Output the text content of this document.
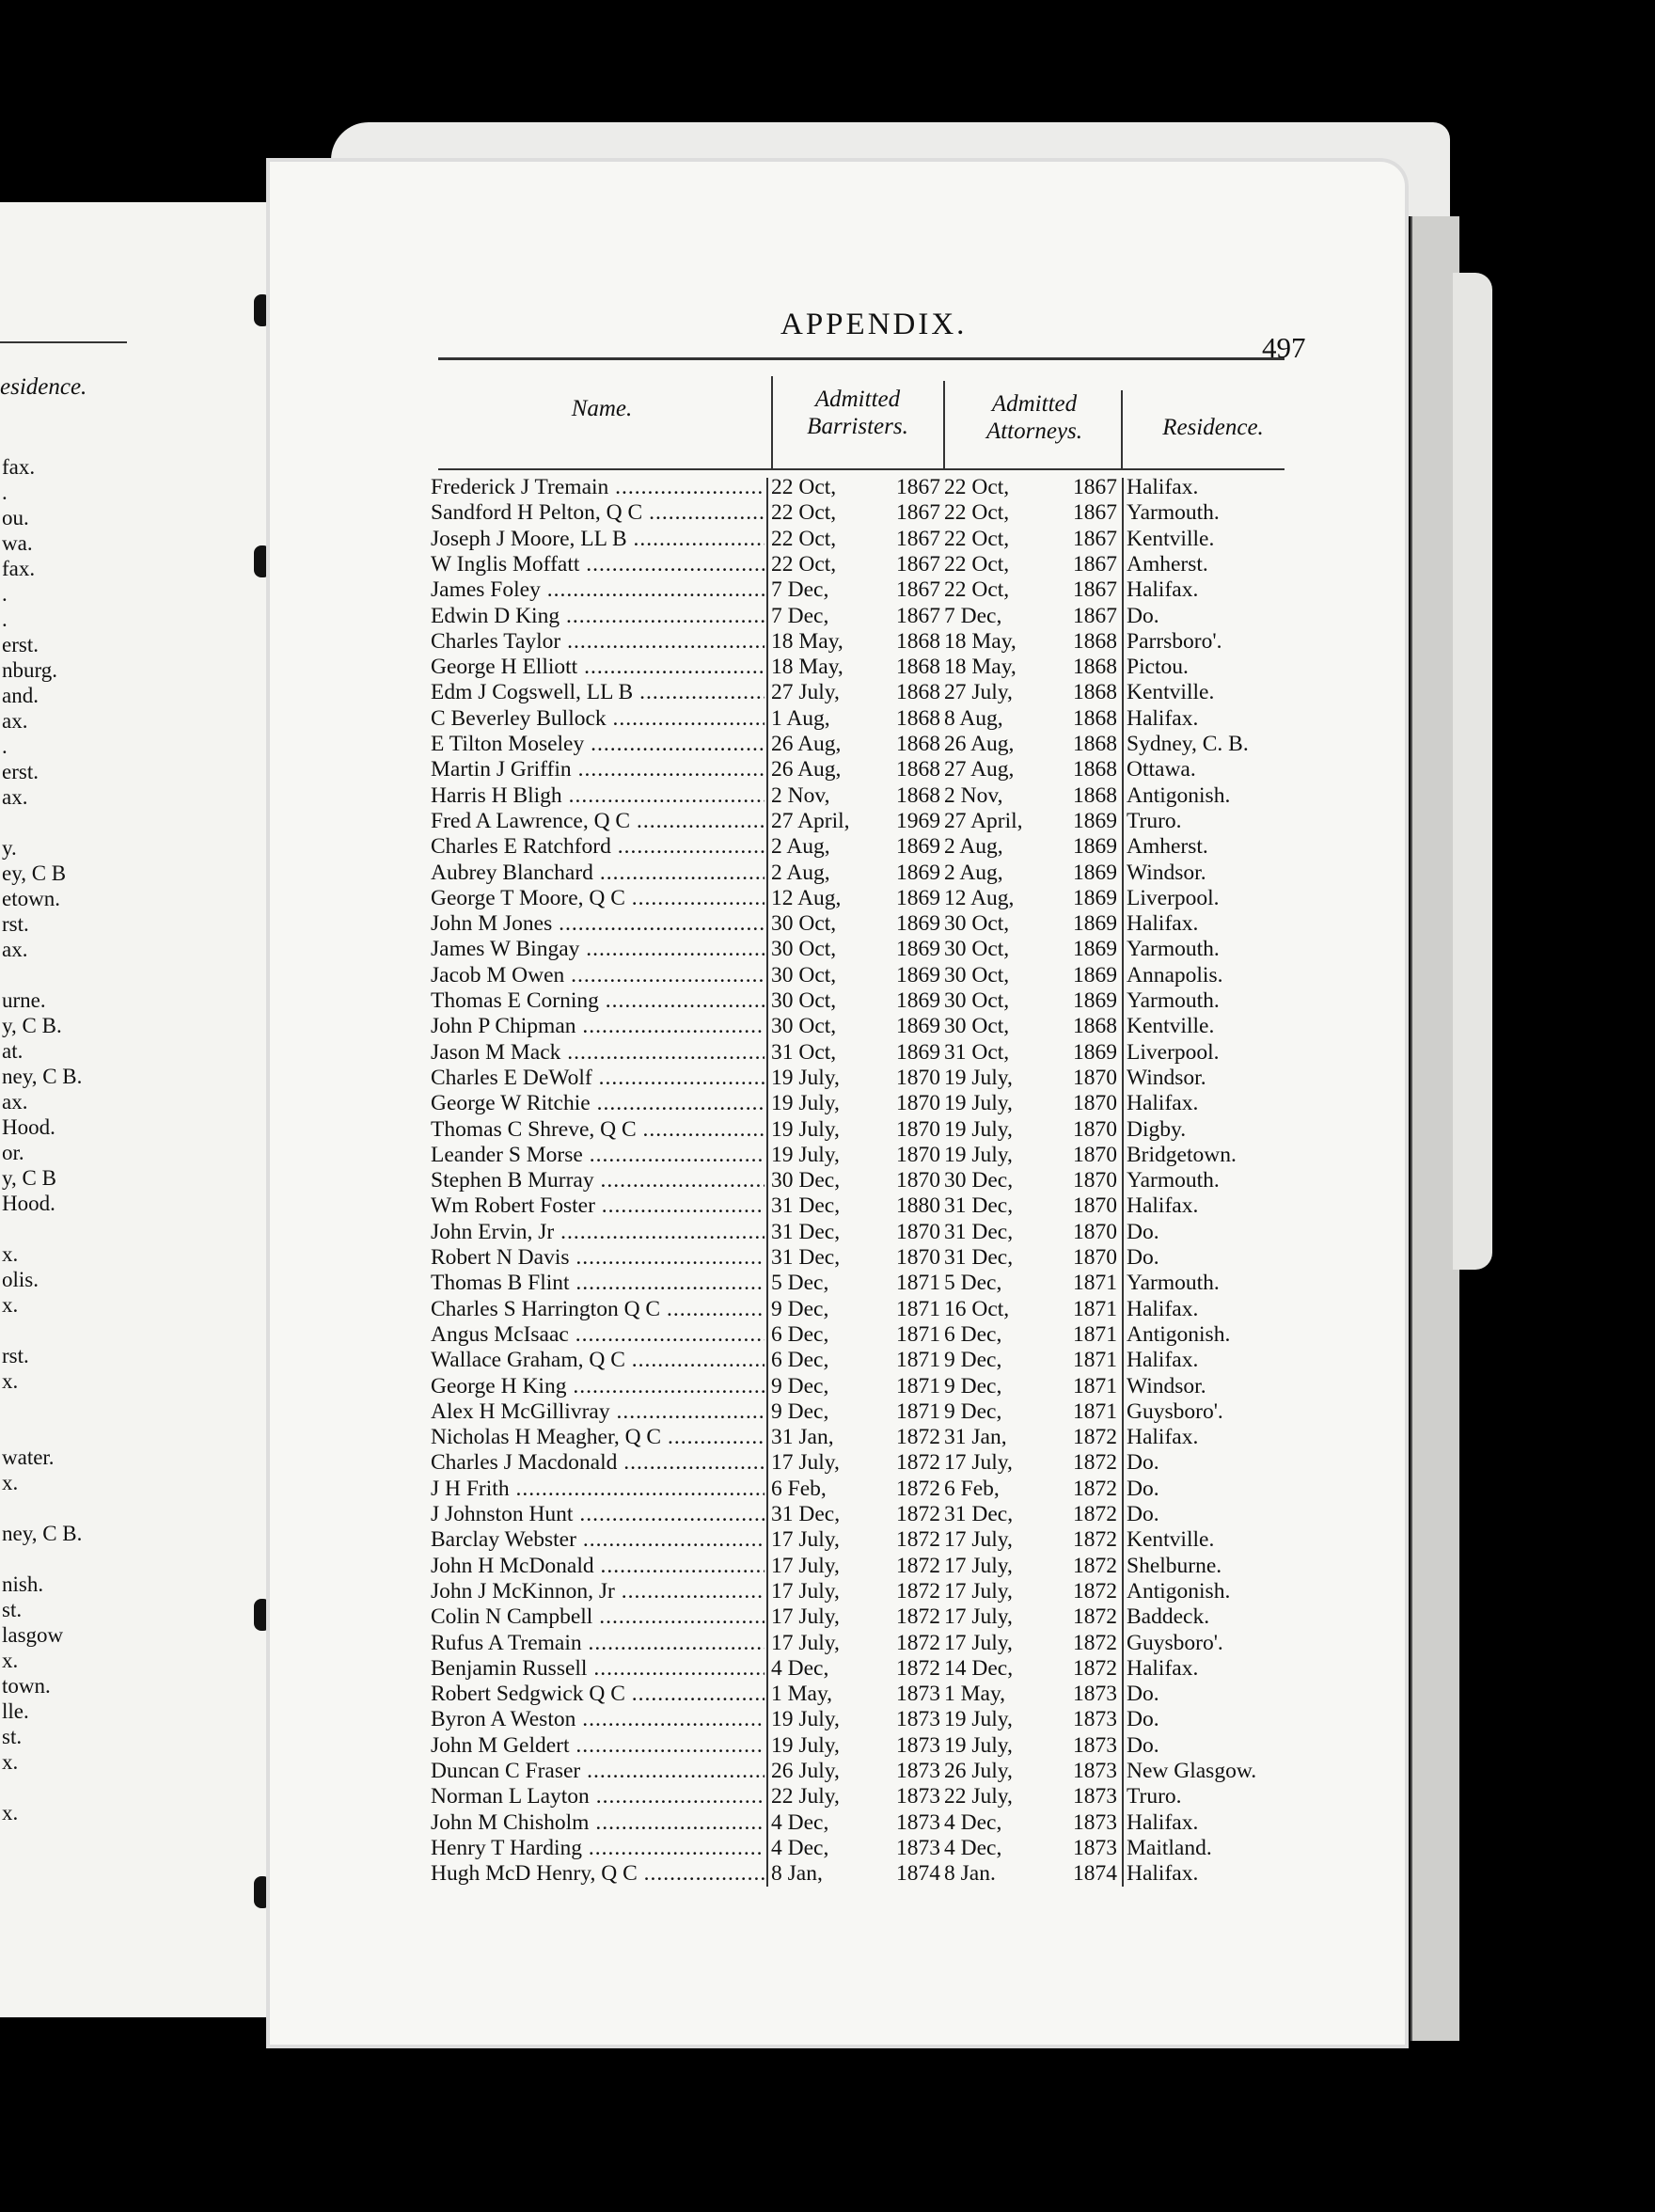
esidence.
fax.
.
ou.
wa.
fax.
.
.
erst.
nburg.
and.
ax.
.
erst.
ax.
y.
ey, C B
etown.
rst.
ax.
urne.
y, C B.
at.
ney, C B.
ax.
Hood.
or.
y, C B
Hood.
x.
olis.
x.
rst.
x.
water.
x.
ney, C B.
nish.
st.
lasgow
x.
town.
lle.
st.
x.
x.
APPENDIX.
497
Name.	Admitted
Barristers.
Admitted
Attorneys.	Residence.
Frederick J Tremain .....	22 Oct,	1867 22 Oct,	1867 Halifax.
Sandford H Pelton, Q C .....	22 Oct,	1867 22 Oct,	1867 Yarmouth.
Joseph J Moore, LL B .....	22 Oct,	1867 22 Oct,	1867 Kentville.
W Inglis Moffatt .....	22 Oct,	1867 22 Oct,	1867 Amherst.
James Foley .....	7 Dec,	1867 22 Oct,	1867 Halifax.
Edwin D King .....	7 Dec,	1867 7 Dec,	1867 Do.
Charles Taylor .....	18 May,	1868 18 May,	1868 Parrsboro'.
George H Elliott .....	18 May,	1868 18 May,	1868 Pictou.
Edm J Cogswell, LL B .....	27 July,	1868 27 July,	1868 Kentville.
C Beverley Bullock .....	1 Aug,	1868 8 Aug,	1868 Halifax.
E Tilton Moseley .....	26 Aug,	1868 26 Aug,	1868 Sydney, C. B.
Martin J Griffin .....	26 Aug,	1868 27 Aug,	1868 Ottawa.
Harris H Bligh .....	2 Nov,	1868 2 Nov,	1868 Antigonish.
Fred A Lawrence, Q C .....	27 April,	1969 27 April,	1869 Truro.
Charles E Ratchford .....	2 Aug,	1869 2 Aug,	1869 Amherst.
Aubrey Blanchard .....	2 Aug,	1869 2 Aug,	1869 Windsor.
George T Moore, Q C .....	12 Aug,	1869 12 Aug,	1869 Liverpool.
John M Jones .....	30 Oct,	1869 30 Oct,	1869 Halifax.
James W Bingay .....	30 Oct,	1869 30 Oct,	1869 Yarmouth.
Jacob M Owen .....	30 Oct,	1869 30 Oct,	1869 Annapolis.
Thomas E Corning .....	30 Oct,	1869 30 Oct,	1869 Yarmouth.
John P Chipman .....	30 Oct,	1869 30 Oct,	1868 Kentville.
Jason M Mack .....	31 Oct,	1869 31 Oct,	1869 Liverpool.
Charles E DeWolf .....	19 July,	1870 19 July,	1870 Windsor.
George W Ritchie .....	19 July,	1870 19 July,	1870 Halifax.
Thomas C Shreve, Q C .....	19 July,	1870 19 July,	1870 Digby.
Leander S Morse .....	19 July,	1870 19 July,	1870 Bridgetown.
Stephen B Murray .....	30 Dec,	1870 30 Dec,	1870 Yarmouth.
Wm Robert Foster .....	31 Dec,	1880 31 Dec,	1870 Halifax.
John Ervin, Jr .....	31 Dec,	1870 31 Dec,	1870 Do.
Robert N Davis .....	31 Dec,	1870 31 Dec,	1870 Do.
Thomas B Flint .....	5 Dec,	1871 5 Dec,	1871 Yarmouth.
Charles S Harrington Q C .....	9 Dec,	1871 16 Oct,	1871 Halifax.
Angus McIsaac .....	6 Dec,	1871 6 Dec,	1871 Antigonish.
Wallace Graham, Q C .....	6 Dec,	1871 9 Dec,	1871 Halifax.
George H King .....	9 Dec,	1871 9 Dec,	1871 Windsor.
Alex H McGillivray .....	9 Dec,	1871 9 Dec,	1871 Guysboro'.
Nicholas H Meagher, Q C .....	31 Jan,	1872 31 Jan,	1872 Halifax.
Charles J Macdonald .....	17 July,	1872 17 July,	1872 Do.
J H Frith .....	6 Feb,	1872 6 Feb,	1872 Do.
J Johnston Hunt .....	31 Dec,	1872 31 Dec,	1872 Do.
Barclay Webster .....	17 July,	1872 17 July,	1872 Kentville.
John H McDonald .....	17 July,	1872 17 July,	1872 Shelburne.
John J McKinnon, Jr .....	17 July,	1872 17 July,	1872 Antigonish.
Colin N Campbell .....	17 July,	1872 17 July,	1872 Baddeck.
Rufus A Tremain .....	17 July,	1872 17 July,	1872 Guysboro'.
Benjamin Russell .....	4 Dec,	1872 14 Dec,	1872 Halifax.
Robert Sedgwick Q C .....	1 May,	1873 1 May,	1873 Do.
Byron A Weston .....	19 July,	1873 19 July,	1873 Do.
John M Geldert .....	19 July,	1873 19 July,	1873 Do.
Duncan C Fraser .....	26 July,	1873 26 July,	1873 New Glasgow.
Norman L Layton .....	22 July,	1873 22 July,	1873 Truro.
John M Chisholm .....	4 Dec,	1873 4 Dec,	1873 Halifax.
Henry T Harding .....	4 Dec,	1873 4 Dec,	1873 Maitland.
Hugh McD Henry, Q C .....	8 Jan,	1874 8 Jan.	1874 Halifax.
